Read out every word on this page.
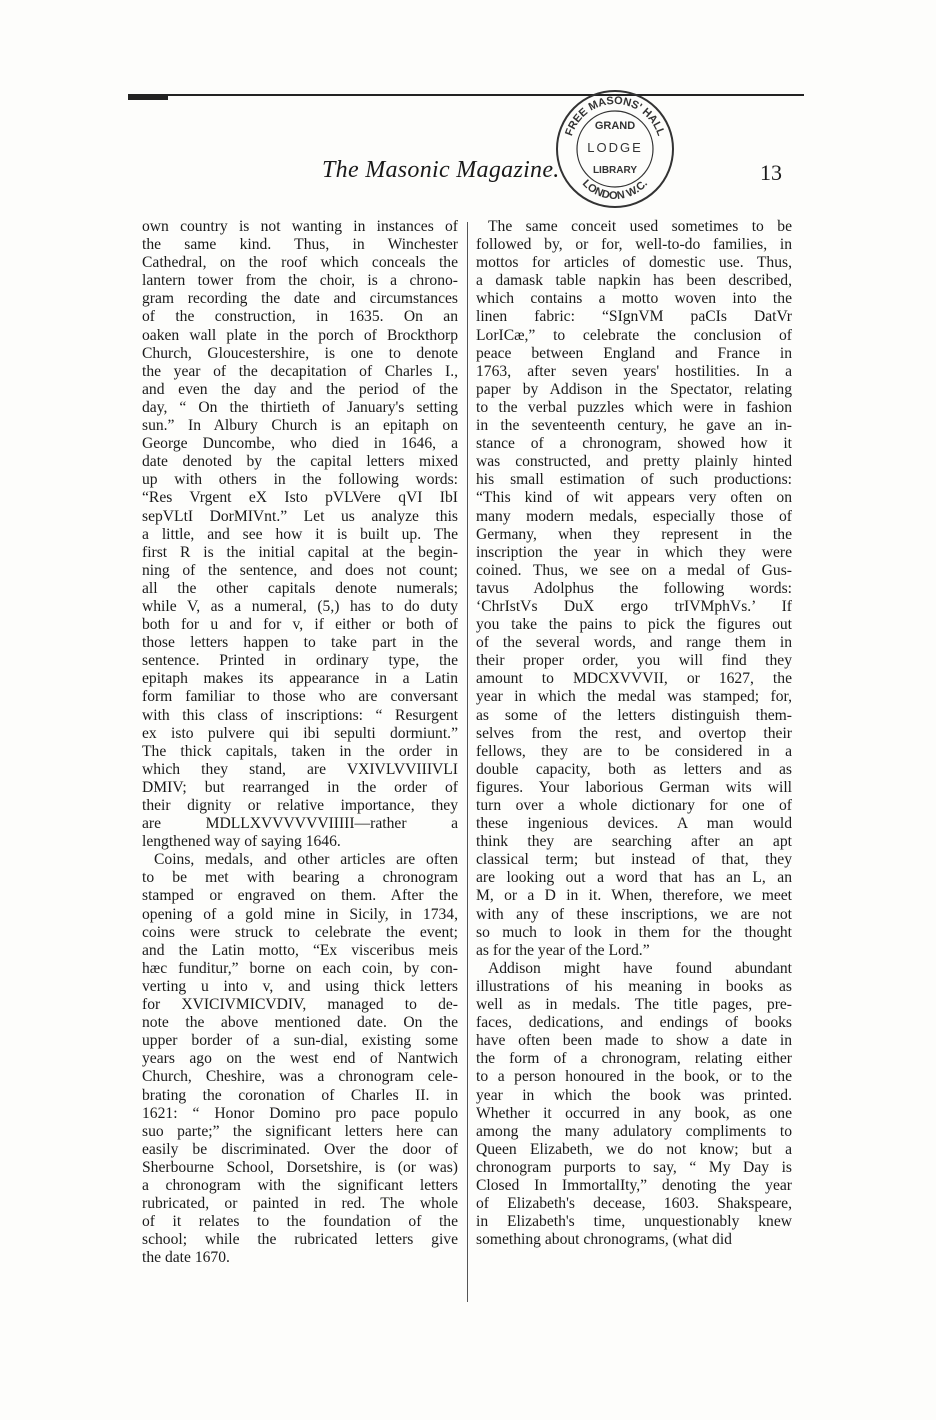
The Masonic Magazine.	13
FREE MASONS' HALL
LONDON W.C.
GRAND
LODGE
LIBRARY
own country is not wanting in instances of
the same kind. Thus, in Winchester
Cathedral, on the roof which conceals the
lantern tower from the choir, is a chrono-
gram recording the date and circumstances
of the construction, in 1635. On an
oaken wall plate in the porch of Brockthorp
Church, Gloucestershire, is one to denote
the year of the decapitation of Charles I.,
and even the day and the period of the
day, “ On the thirtieth of January's setting
sun.” In Albury Church is an epitaph on
George Duncombe, who died in 1646, a
date denoted by the capital letters mixed
up with others in the following words:
“Res Vrgent eX Isto pVLVere qVI IbI
sepVLtI DorMIVnt.” Let us analyze this
a little, and see how it is built up. The
first R is the initial capital at the begin-
ning of the sentence, and does not count;
all the other capitals denote numerals;
while V, as a numeral, (5,) has to do duty
both for u and for v, if either or both of
those letters happen to take part in the
sentence. Printed in ordinary type, the
epitaph makes its appearance in a Latin
form familiar to those who are conversant
with this class of inscriptions: “ Resurgent
ex isto pulvere qui ibi sepulti dormiunt.”
The thick capitals, taken in the order in
which they stand, are VXIVLVVIIIVLI
DMIV; but rearranged in the order of
their dignity or relative importance, they
are MDLLXVVVVVVIIIII—rather a
lengthened way of saying 1646.
Coins, medals, and other articles are often
to be met with bearing a chronogram
stamped or engraved on them. After the
opening of a gold mine in Sicily, in 1734,
coins were struck to celebrate the event;
and the Latin motto, “Ex visceribus meis
hæc funditur,” borne on each coin, by con-
verting u into v, and using thick letters
for XVICIVMICVDIV, managed to de-
note the above mentioned date. On the
upper border of a sun-dial, existing some
years ago on the west end of Nantwich
Church, Cheshire, was a chronogram cele-
brating the coronation of Charles II. in
1621: “ Honor Domino pro pace populo
suo parte;” the significant letters here can
easily be discriminated. Over the door of
Sherbourne School, Dorsetshire, is (or was)
a chronogram with the significant letters
rubricated, or painted in red. The whole
of it relates to the foundation of the
school; while the rubricated letters give
the date 1670.
The same conceit used sometimes to be
followed by, or for, well-to-do families, in
mottos for articles of domestic use. Thus,
a damask table napkin has been described,
which contains a motto woven into the
linen fabric: “SIgnVM paCIs DatVr
LorICæ,” to celebrate the conclusion of
peace between England and France in
1763, after seven years' hostilities. In a
paper by Addison in the Spectator, relating
to the verbal puzzles which were in fashion
in the seventeenth century, he gave an in-
stance of a chronogram, showed how it
was constructed, and pretty plainly hinted
his small estimation of such productions:
“This kind of wit appears very often on
many modern medals, especially those of
Germany, when they represent in the
inscription the year in which they were
coined. Thus, we see on a medal of Gus-
tavus Adolphus the following words:
‘ChrIstVs DuX ergo trIVMphVs.’ If
you take the pains to pick the figures out
of the several words, and range them in
their proper order, you will find they
amount to MDCXVVVII, or 1627, the
year in which the medal was stamped; for,
as some of the letters distinguish them-
selves from the rest, and overtop their
fellows, they are to be considered in a
double capacity, both as letters and as
figures. Your laborious German wits will
turn over a whole dictionary for one of
these ingenious devices. A man would
think they are searching after an apt
classical term; but instead of that, they
are looking out a word that has an L, an
M, or a D in it. When, therefore, we meet
with any of these inscriptions, we are not
so much to look in them for the thought
as for the year of the Lord.”
Addison might have found abundant
illustrations of his meaning in books as
well as in medals. The title pages, pre-
faces, dedications, and endings of books
have often been made to show a date in
the form of a chronogram, relating either
to a person honoured in the book, or to the
year in which the book was printed.
Whether it occurred in any book, as one
among the many adulatory compliments to
Queen Elizabeth, we do not know; but a
chronogram purports to say, “ My Day is
Closed In ImmortalIty,” denoting the year
of Elizabeth's decease, 1603. Shakspeare,
in Elizabeth's time, unquestionably knew
something about chronograms, (what did
